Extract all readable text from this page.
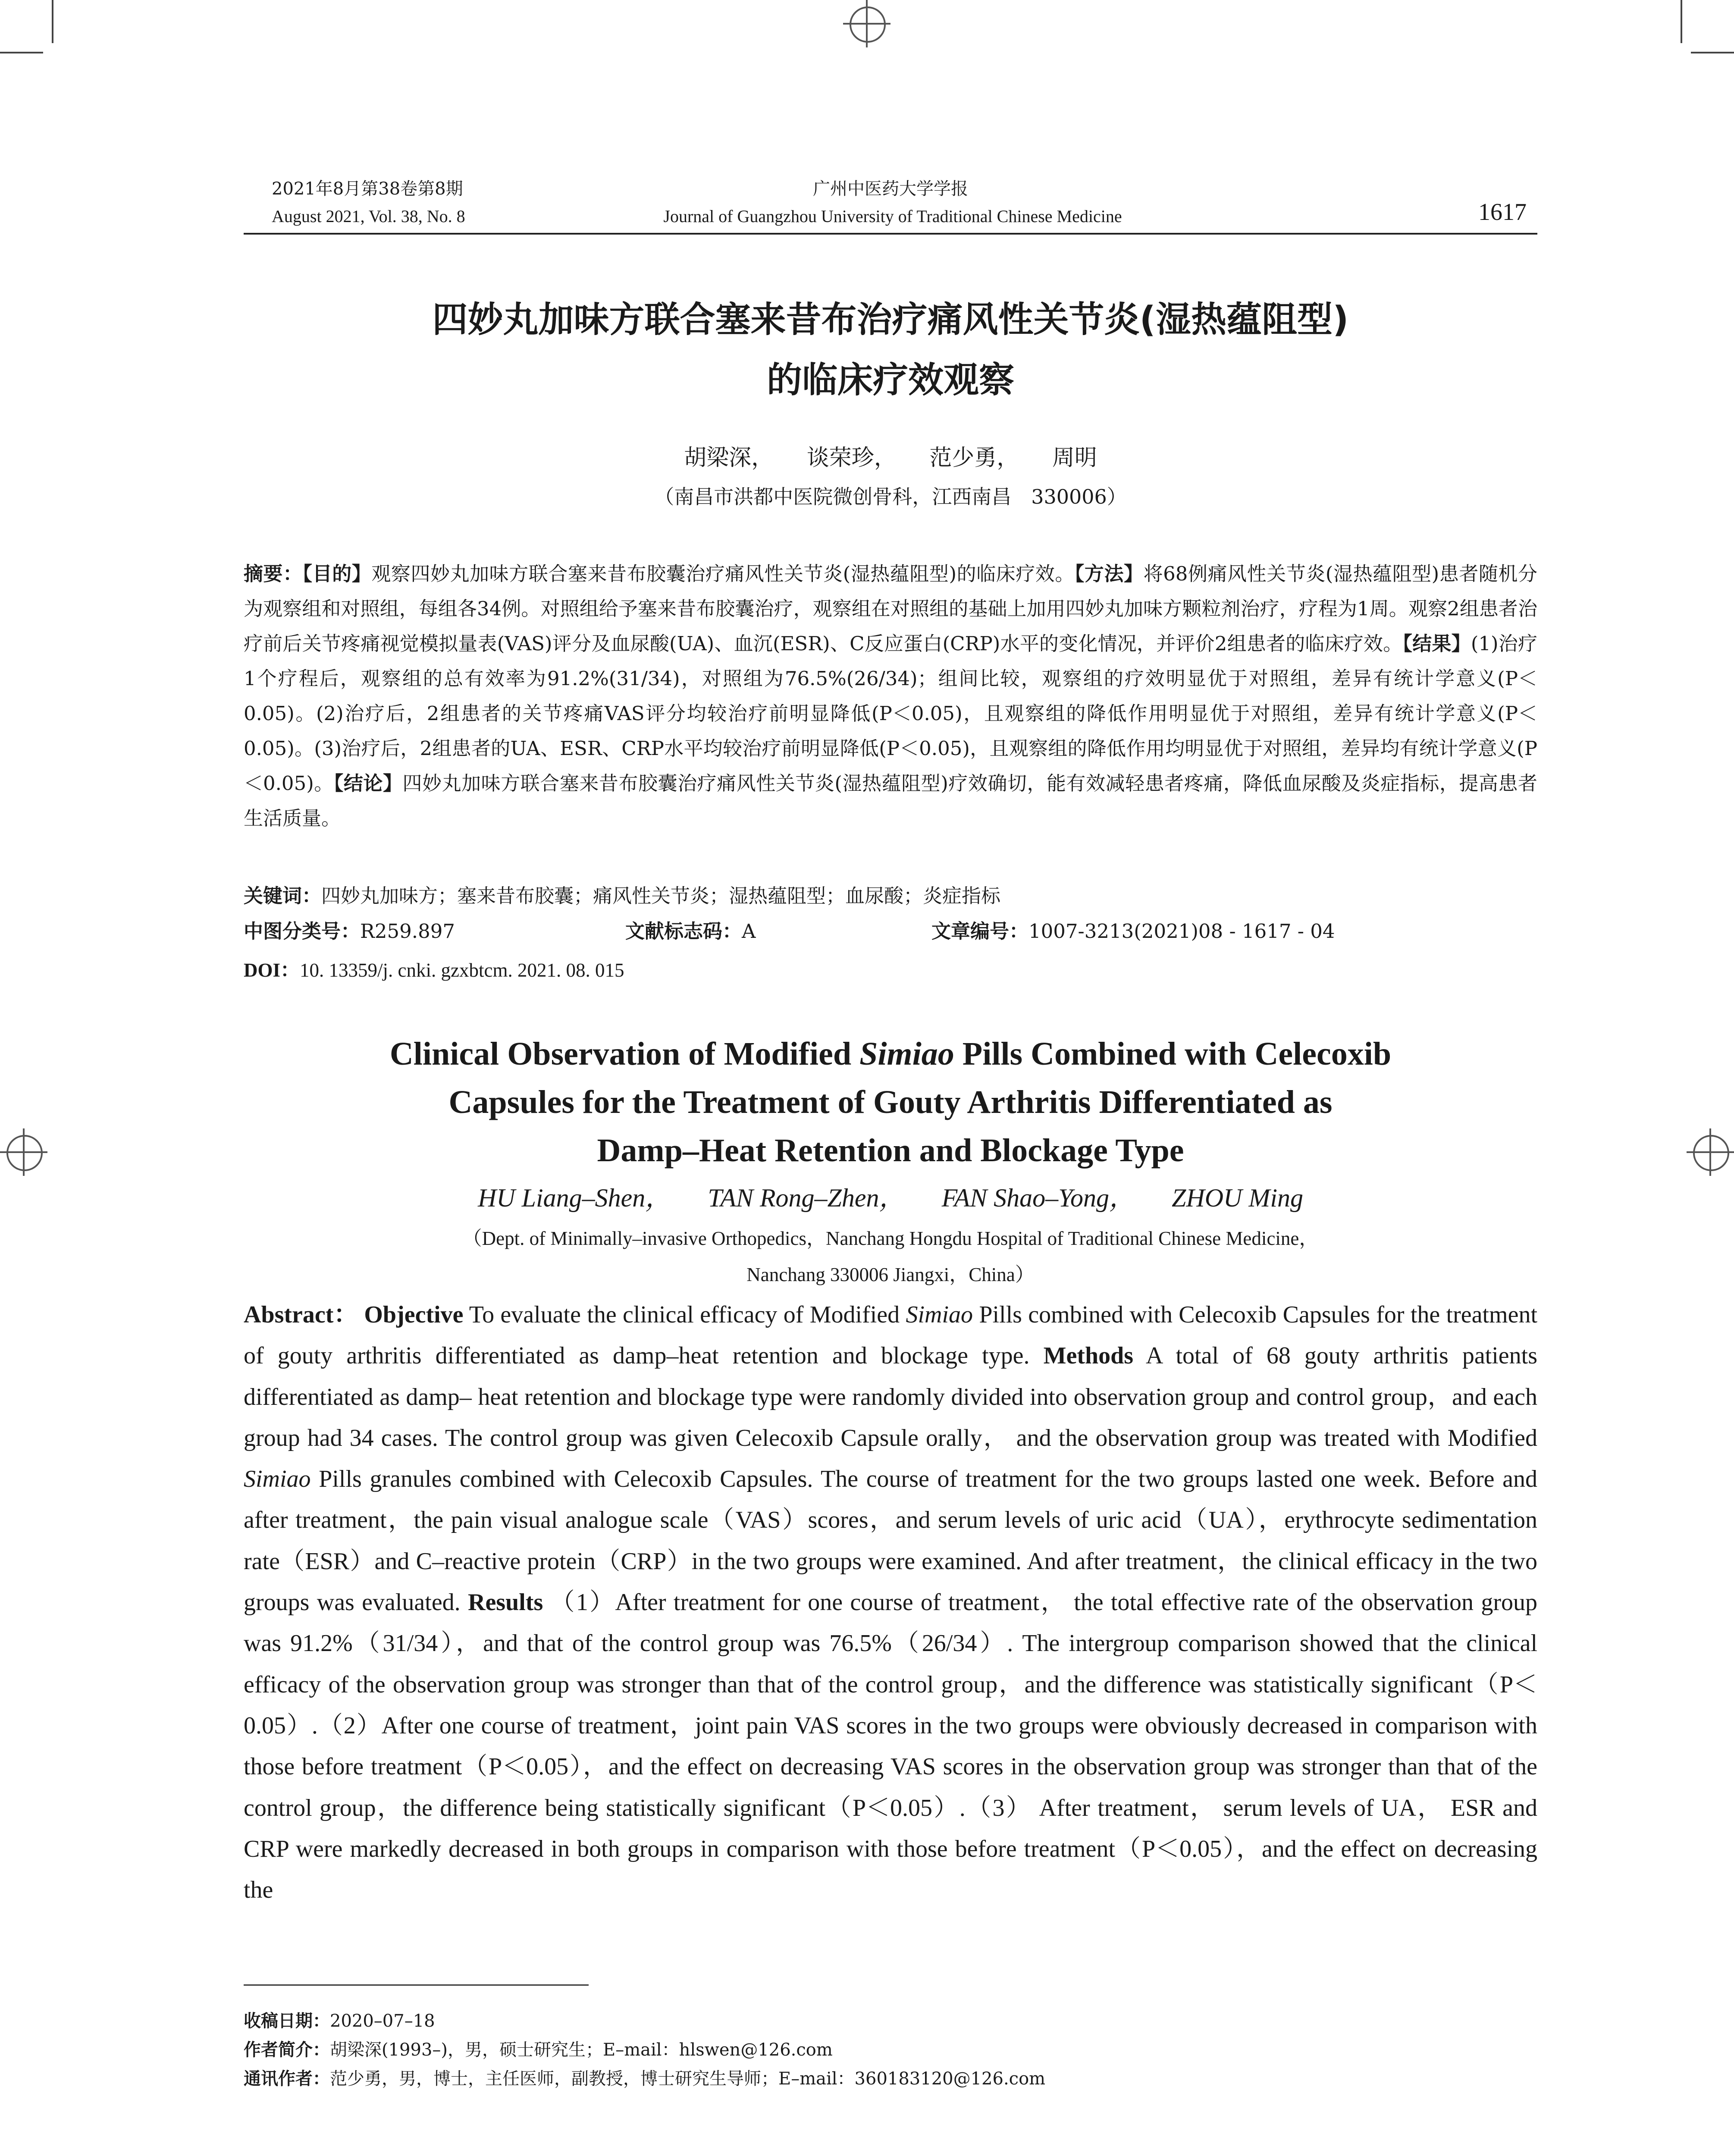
2021年8月第38卷第8期
August 2021, Vol. 38, No. 8
广州中医药大学学报
Journal of Guangzhou University of Traditional Chinese Medicine	1617
四妙丸加味方联合塞来昔布治疗痛风性关节炎(湿热蕴阻型)
的临床疗效观察
胡梁深， 谈荣珍， 范少勇， 周明
（南昌市洪都中医院微创骨科，江西南昌　330006）
摘要：【目的】观察四妙丸加味方联合塞来昔布胶囊治疗痛风性关节炎(湿热蕴阻型)的临床疗效。【方法】将68例痛风性关节炎(湿热蕴阻型)患者随机分为观察组和对照组，每组各34例。对照组给予塞来昔布胶囊治疗，观察组在对照组的基础上加用四妙丸加味方颗粒剂治疗，疗程为1周。观察2组患者治疗前后关节疼痛视觉模拟量表(VAS)评分及血尿酸(UA)、血沉(ESR)、C反应蛋白(CRP)水平的变化情况，并评价2组患者的临床疗效。【结果】(1)治疗1个疗程后，观察组的总有效率为91.2%(31/34)，对照组为76.5%(26/34)；组间比较，观察组的疗效明显优于对照组，差异有统计学意义(P＜0.05)。(2)治疗后，2组患者的关节疼痛VAS评分均较治疗前明显降低(P＜0.05)，且观察组的降低作用明显优于对照组，差异有统计学意义(P＜0.05)。(3)治疗后，2组患者的UA、ESR、CRP水平均较治疗前明显降低(P＜0.05)，且观察组的降低作用均明显优于对照组，差异均有统计学意义(P＜0.05)。【结论】四妙丸加味方联合塞来昔布胶囊治疗痛风性关节炎(湿热蕴阻型)疗效确切，能有效减轻患者疼痛，降低血尿酸及炎症指标，提高患者生活质量。
关键词：四妙丸加味方；塞来昔布胶囊；痛风性关节炎；湿热蕴阻型；血尿酸；炎症指标
中图分类号：R259.897	文献标志码：A	文章编号：1007-3213(2021)08 - 1617 - 04
DOI：10. 13359/j. cnki. gzxbtcm. 2021. 08. 015
Clinical Observation of Modified Simiao Pills Combined with Celecoxib
Capsules for the Treatment of Gouty Arthritis Differentiated as
Damp–Heat Retention and Blockage Type
HU Liang–Shen， TAN Rong–Zhen， FAN Shao–Yong， ZHOU Ming
（Dept. of Minimally–invasive Orthopedics，Nanchang Hongdu Hospital of Traditional Chinese Medicine，
Nanchang 330006 Jiangxi，China）
Abstract： Objective To evaluate the clinical efficacy of Modified Simiao Pills combined with Celecoxib Capsules for the treatment of gouty arthritis differentiated as damp–heat retention and blockage type. Methods A total of 68 gouty arthritis patients differentiated as damp– heat retention and blockage type were randomly divided into observation group and control group，and each group had 34 cases. The control group was given Celecoxib Capsule orally， and the observation group was treated with Modified Simiao Pills granules combined with Celecoxib Capsules. The course of treatment for the two groups lasted one week. Before and after treatment，the pain visual analogue scale（VAS）scores，and serum levels of uric acid（UA），erythrocyte sedimentation rate（ESR）and C–reactive protein（CRP）in the two groups were examined. And after treatment，the clinical efficacy in the two groups was evaluated. Results （1）After treatment for one course of treatment， the total effective rate of the observation group was 91.2%（31/34），and that of the control group was 76.5%（26/34）. The intergroup comparison showed that the clinical efficacy of the observation group was stronger than that of the control group，and the difference was statistically significant（P＜0.05）.（2）After one course of treatment，joint pain VAS scores in the two groups were obviously decreased in comparison with those before treatment（P＜0.05），and the effect on decreasing VAS scores in the observation group was stronger than that of the control group，the difference being statistically significant（P＜0.05）.（3） After treatment， serum levels of UA， ESR and CRP were markedly decreased in both groups in comparison with those before treatment（P＜0.05），and the effect on decreasing the
收稿日期：2020–07–18
作者简介：胡梁深(1993–)，男，硕士研究生；E–mail：hlswen@126.com
通讯作者：范少勇，男，博士，主任医师，副教授，博士研究生导师；E–mail：360183120@126.com
